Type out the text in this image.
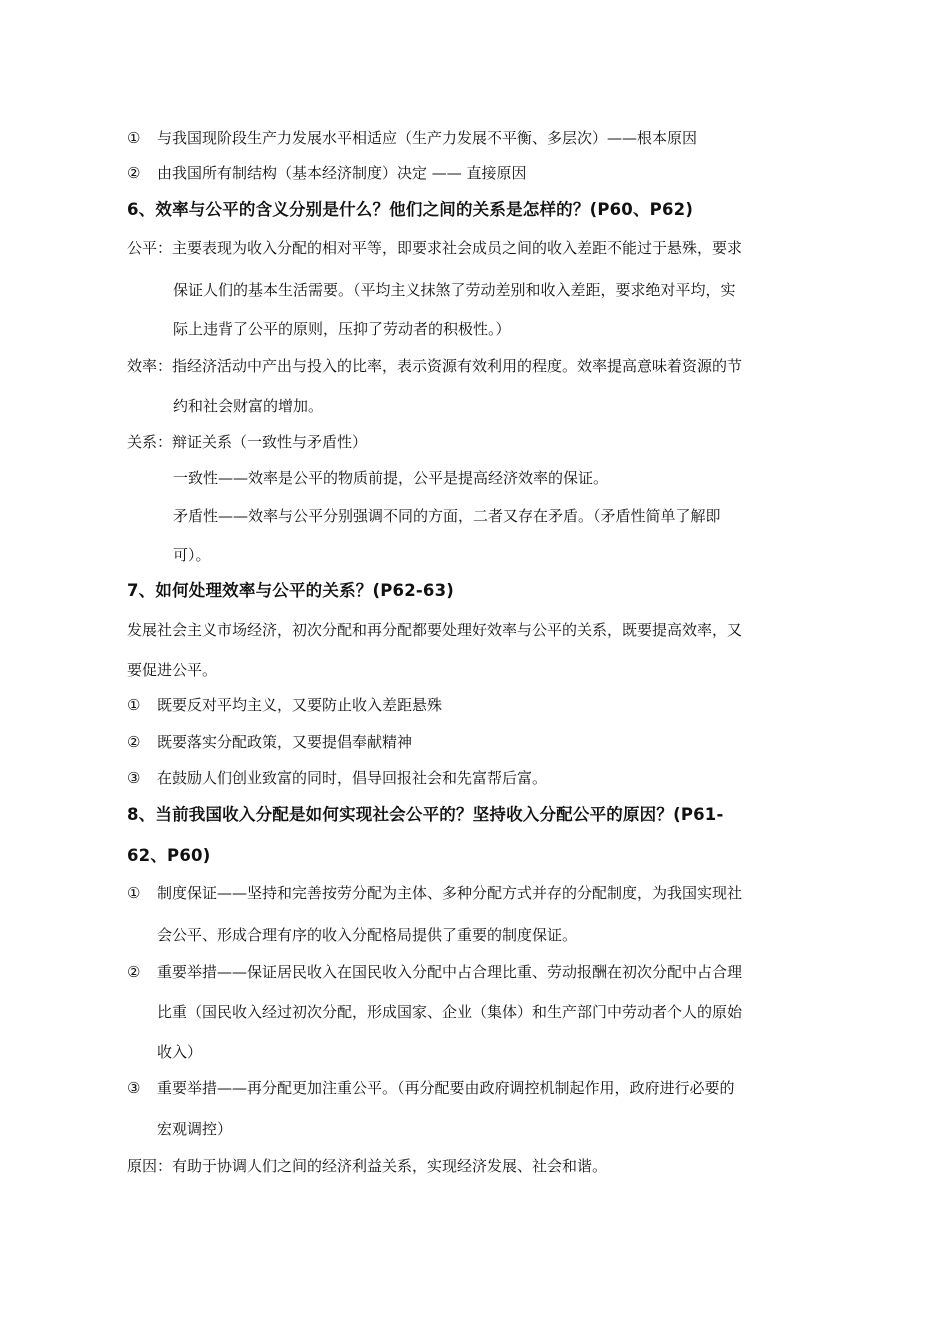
① 与我国现阶段生产力发展水平相适应（生产力发展不平衡、多层次）——根本原因
② 由我国所有制结构（基本经济制度）决定 —— 直接原因
6、效率与公平的含义分别是什么？他们之间的关系是怎样的？(P60、P62)
公平：主要表现为收入分配的相对平等，即要求社会成员之间的收入差距不能过于悬殊，要求
保证人们的基本生活需要。（平均主义抹煞了劳动差别和收入差距，要求绝对平均，实
际上违背了公平的原则，压抑了劳动者的积极性。）
效率：指经济活动中产出与投入的比率，表示资源有效利用的程度。效率提高意味着资源的节
约和社会财富的增加。
关系：辩证关系（一致性与矛盾性）
一致性——效率是公平的物质前提，公平是提高经济效率的保证。
矛盾性——效率与公平分别强调不同的方面，二者又存在矛盾。（矛盾性简单了解即
可）。
7、如何处理效率与公平的关系？(P62-63)
发展社会主义市场经济，初次分配和再分配都要处理好效率与公平的关系，既要提高效率，又
要促进公平。
① 既要反对平均主义，又要防止收入差距悬殊
② 既要落实分配政策，又要提倡奉献精神
③ 在鼓励人们创业致富的同时，倡导回报社会和先富帮后富。
8、当前我国收入分配是如何实现社会公平的？坚持收入分配公平的原因？(P61-
62、P60)
① 制度保证——坚持和完善按劳分配为主体、多种分配方式并存的分配制度，为我国实现社
会公平、形成合理有序的收入分配格局提供了重要的制度保证。
② 重要举措——保证居民收入在国民收入分配中占合理比重、劳动报酬在初次分配中占合理
比重（国民收入经过初次分配，形成国家、企业（集体）和生产部门中劳动者个人的原始
收入）
③ 重要举措——再分配更加注重公平。（再分配要由政府调控机制起作用，政府进行必要的
宏观调控）
原因：有助于协调人们之间的经济利益关系，实现经济发展、社会和谐。
